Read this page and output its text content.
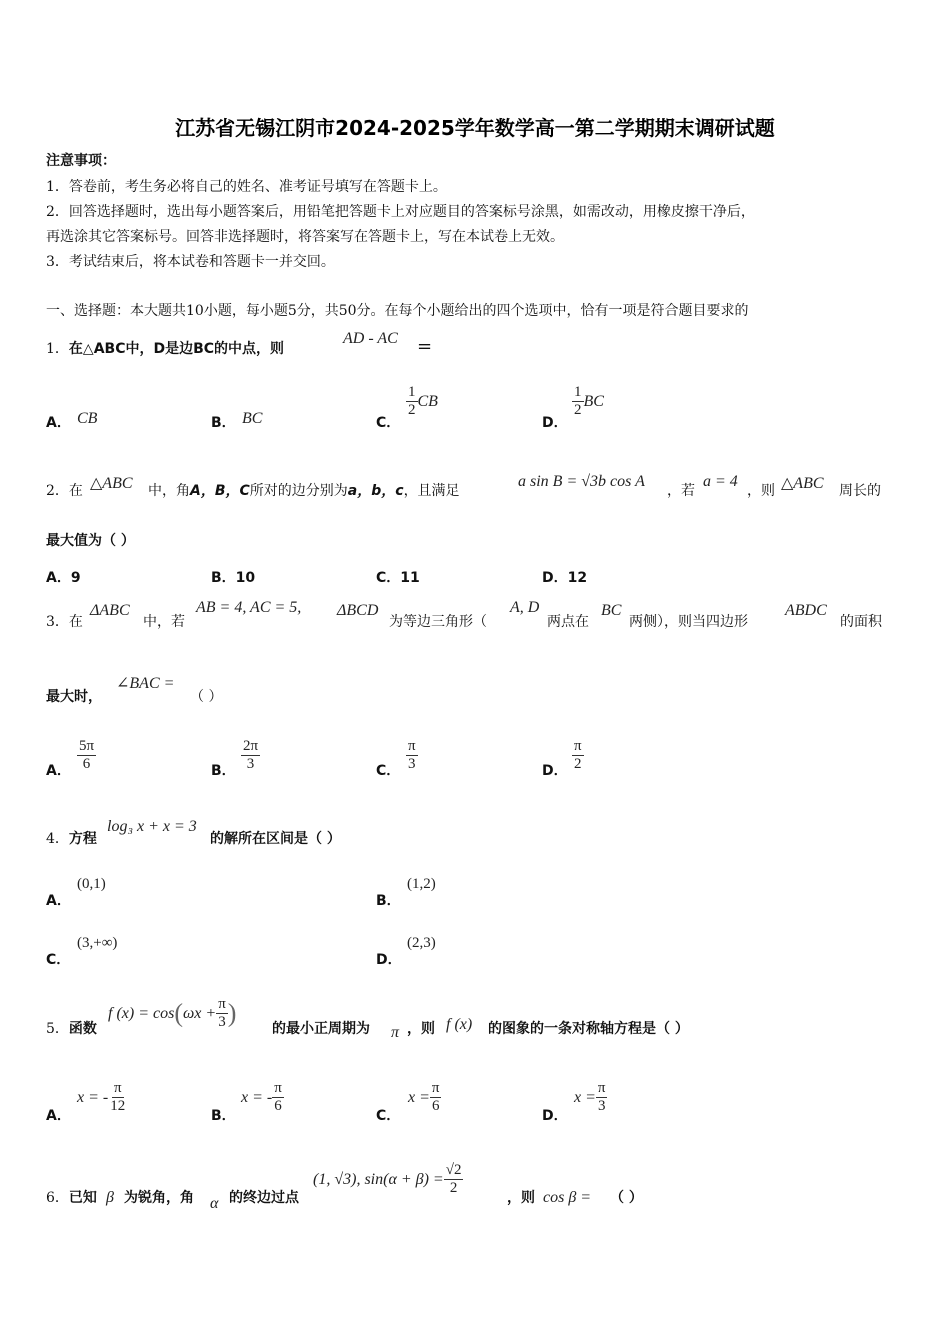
江苏省无锡江阴市2024-2025学年数学高一第二学期期末调研试题
注意事项：
1．答卷前，考生务必将自己的姓名、准考证号填写在答题卡上。
2．回答选择题时，选出每小题答案后，用铅笔把答题卡上对应题目的答案标号涂黑，如需改动，用橡皮擦干净后，
再选涂其它答案标号。回答非选择题时，将答案写在答题卡上，写在本试卷上无效。
3．考试结束后，将本试卷和答题卡一并交回。
一、选择题：本大题共10小题，每小题5分，共50分。在每个小题给出的四个选项中，恰有一项是符合题目要求的
1．在△ABC中，D是边BC的中点，则
AD - AC =
A． CB	B． BC	C．
$\frac{1}{2}$ CB
D．
$\frac{1}{2}$ BC
2．在 △ABC 中，角A，B，C所对的边分别为a，b，c，且满足
a sin B = √3b cos A
，若
a = 4
，则 △ABC 周长的
最大值为（ ）
A．9	B．10	C．11	D．12
3．在
ΔABC
中，若
AB = 4, AC = 5, ΔBCD
为等边三角形（
A, D
两点在
BC
两侧），则当四边形
ABDC
的面积
最大时，
∠BAC =
（ ）
A． $\frac{5\pi}{6}$	B． $\frac{2\pi}{3}$	C． $\frac{\pi}{3}$	D． $\frac{\pi}{2}$
4．方程
log₃ x + x = 3
的解所在区间是（ ）
A．
(0,1)
B．
(1,2)
C．
(3,+∞)
D．
(2,3)
5．函数
f $(x) = \cos(\omega x + \frac{\pi}{3}$ )
的最小正周期为 π ，则 f (x) 的图象的一条对称轴方程是（ ）
A．
x = - $\frac{\pi}{12}$
B．
x = - $\frac{\pi}{6}$
C．
$x = \frac{\pi}{6}$
D．
$x = \frac{\pi}{3}$
6．已知 β 为锐角，角 α 的终边过点
(1, √3), $\sin(\alpha + \beta) = \frac{√2}{2}$
，则 cos β = （ ）
